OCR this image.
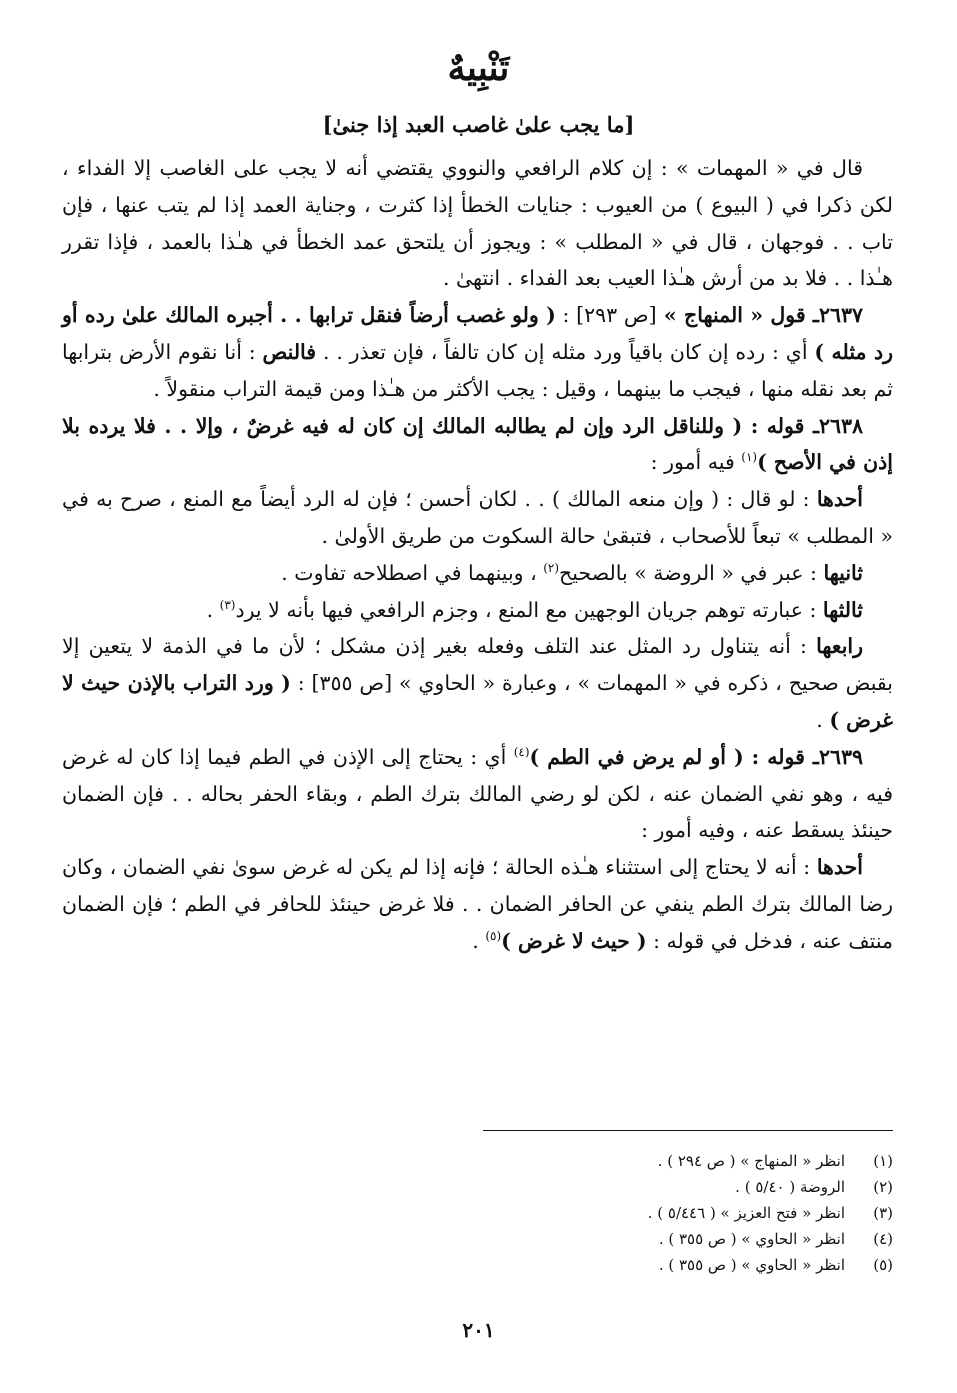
تَنْبِيهٌ
[ما يجب علىٰ غاصب العبد إذا جنىٰ]

قال في « المهمات » : إن كلام الرافعي والنووي يقتضي أنه لا يجب على الغاصب إلا الفداء ، لكن ذكرا في ( البيوع ) من العيوب : جنايات الخطأ إذا كثرت ، وجناية العمد إذا لم يتب عنها ، فإن تاب . . فوجهان ، قال في « المطلب » : ويجوز أن يلتحق عمد الخطأ في هـٰذا بالعمد ، فإذا تقرر هـٰذا . . فلا بد من أرش هـٰذا العيب بعد الفداء . انتهىٰ .

٢٦٣٧ـ قول « المنهاج » [ص ٢٩٣] : ( ولو غصب أرضاً فنقل ترابها . . أجبره المالك علىٰ رده أو رد مثله ) أي : رده إن كان باقياً ورد مثله إن كان تالفاً ، فإن تعذر . . فالنص : أنا نقوم الأرض بترابها ثم بعد نقله منها ، فيجب ما بينهما ، وقيل : يجب الأكثر من هـٰذا ومن قيمة التراب منقولاً .

٢٦٣٨ـ قوله : ( وللناقل الرد وإن لم يطالبه المالك إن كان له فيه غرضٌ ، وإلا . . فلا يرده بلا إذن في الأصح )$^{(١)}$ فيه أمور :

أحدها : لو قال : ( وإن منعه المالك ) . . لكان أحسن ؛ فإن له الرد أيضاً مع المنع ، صرح به في « المطلب » تبعاً للأصحاب ، فتبقىٰ حالة السكوت من طريق الأولىٰ .

ثانيها : عبر في « الروضة » بالصحيح$^{(٢)}$ ، وبينهما في اصطلاحه تفاوت .

ثالثها : عبارته توهم جريان الوجهين مع المنع ، وجزم الرافعي فيها بأنه لا يرد$^{(٣)}$ .

رابعها : أنه يتناول رد المثل عند التلف وفعله بغير إذن مشكل ؛ لأن ما في الذمة لا يتعين إلا بقبض صحيح ، ذكره في « المهمات » ، وعبارة « الحاوي » [ص ٣٥٥] : ( ورد التراب بالإذن حيث لا غرض ) .

٢٦٣٩ـ قوله : ( أو لم يرض في الطم )$^{(٤)}$ أي : يحتاج إلى الإذن في الطم فيما إذا كان له غرض فيه ، وهو نفي الضمان عنه ، لكن لو رضي المالك بترك الطم ، وبقاء الحفر بحاله . . فإن الضمان حينئذ يسقط عنه ، وفيه أمور :

أحدها : أنه لا يحتاج إلى استثناء هـٰذه الحالة ؛ فإنه إذا لم يكن له غرض سوىٰ نفي الضمان ، وكان رضا المالك بترك الطم ينفي عن الحافر الضمان . . فلا غرض حينئذ للحافر في الطم ؛ فإن الضمان منتف عنه ، فدخل في قوله : ( حيث لا غرض )$^{(٥)}$ .

(١)
انظر « المنهاج » ( ص ٢٩٤ ) .
(٢)
الروضة ( ٥/٤٠ ) .
(٣)
انظر « فتح العزيز » ( ٥/٤٤٦ ) .
(٤)
انظر « الحاوي » ( ص ٣٥٥ ) .
(٥)
انظر « الحاوي » ( ص ٣٥٥ ) .
٢٠١
